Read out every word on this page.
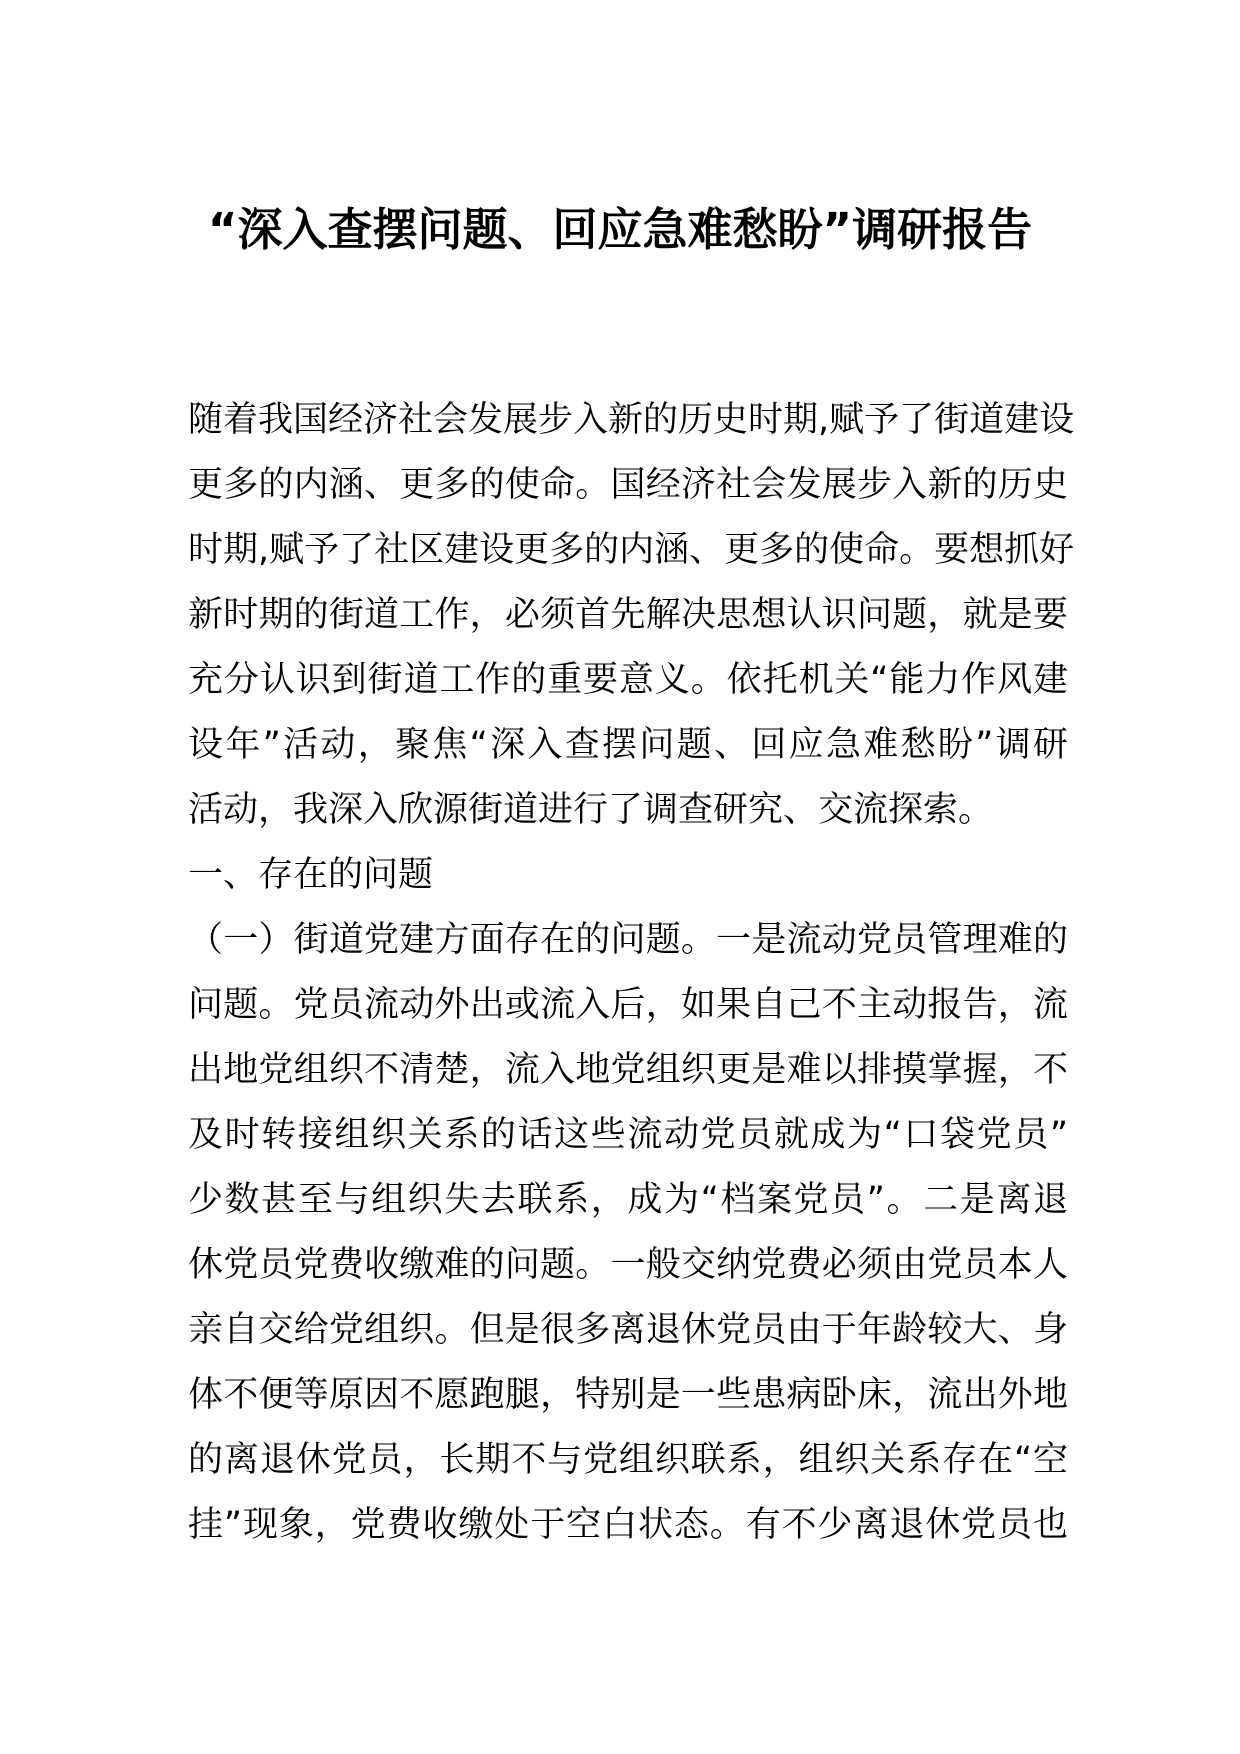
“深入查摆问题、回应急难愁盼”调研报告
随着我国经济社会发展步入新的历史时期,赋予了街道建设
更多的内涵、更多的使命。国经济社会发展步入新的历史
时期,赋予了社区建设更多的内涵、更多的使命。要想抓好
新时期的街道工作，必须首先解决思想认识问题，就是要
充分认识到街道工作的重要意义。依托机关“能力作风建
设年”活动，聚焦“深入查摆问题、回应急难愁盼”调研
活动，我深入欣源街道进行了调查研究、交流探索。
一、存在的问题
（一）街道党建方面存在的问题。一是流动党员管理难的
问题。党员流动外出或流入后，如果自己不主动报告，流
出地党组织不清楚，流入地党组织更是难以排摸掌握，不
及时转接组织关系的话这些流动党员就成为“口袋党员”
少数甚至与组织失去联系，成为“档案党员”。二是离退
休党员党费收缴难的问题。一般交纳党费必须由党员本人
亲自交给党组织。但是很多离退休党员由于年龄较大、身
体不便等原因不愿跑腿，特别是一些患病卧床，流出外地
的离退休党员，长期不与党组织联系，组织关系存在“空
挂”现象，党费收缴处于空白状态。有不少离退休党员也
